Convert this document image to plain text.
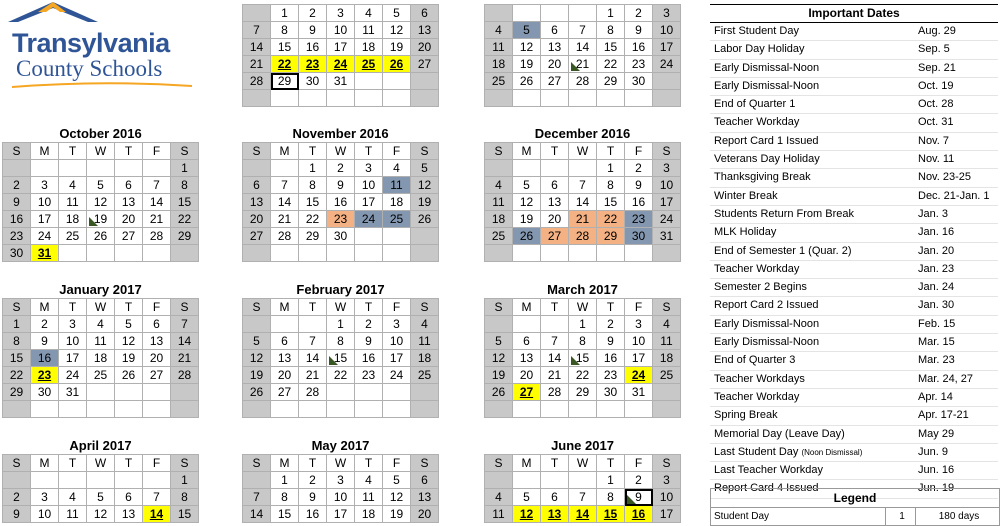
Transylvania
County Schools
	1	2	3	4	5	6
7	8	9	10	11	12	13
14	15	16	17	18	19	20
21	22	23	24	25	26	27
28	29	30	31			

				1	2	3
4	5	6	7	8	9	10
11	12	13	14	15	16	17
18	19	20	21	22	23	24
25	26	27	28	29	30	

October 2016
S	M	T	W	T	F	S
						1
2	3	4	5	6	7	8
9	10	11	12	13	14	15
16	17	18	19	20	21	22
23	24	25	26	27	28	29
30	31					
November 2016
S	M	T	W	T	F	S
		1	2	3	4	5
6	7	8	9	10	11	12
13	14	15	16	17	18	19
20	21	22	23	24	25	26
27	28	29	30			

December 2016
S	M	T	W	T	F	S
				1	2	3
4	5	6	7	8	9	10
11	12	13	14	15	16	17
18	19	20	21	22	23	24
25	26	27	28	29	30	31

January 2017
S	M	T	W	T	F	S
1	2	3	4	5	6	7
8	9	10	11	12	13	14
15	16	17	18	19	20	21
22	23	24	25	26	27	28
29	30	31				

February 2017
S	M	T	W	T	F	S
			1	2	3	4
5	6	7	8	9	10	11
12	13	14	15	16	17	18
19	20	21	22	23	24	25
26	27	28				

March 2017
S	M	T	W	T	F	S
			1	2	3	4
5	6	7	8	9	10	11
12	13	14	15	16	17	18
19	20	21	22	23	24	25
26	27	28	29	30	31	

April 2017
S	M	T	W	T	F	S
						1
2	3	4	5	6	7	8
9	10	11	12	13	14	15
May 2017
S	M	T	W	T	F	S
	1	2	3	4	5	6
7	8	9	10	11	12	13
14	15	16	17	18	19	20
June 2017
S	M	T	W	T	F	S
				1	2	3
4	5	6	7	8	9	10
11	12	13	14	15	16	17
Important Dates
First Student Day	Aug. 29
Labor Day Holiday	Sep. 5
Early Dismissal-Noon	Sep. 21
Early Dismissal-Noon	Oct. 19
End of Quarter 1	Oct. 28
Teacher Workday	Oct. 31
Report Card 1 Issued	Nov. 7
Veterans Day Holiday	Nov. 11
Thanksgiving Break	Nov. 23-25
Winter Break	Dec. 21-Jan. 1
Students Return From Break	Jan. 3
MLK Holiday	Jan. 16
End of Semester 1 (Quar. 2)	Jan. 20
Teacher Workday	Jan. 23
Semester 2 Begins	Jan. 24
Report Card 2 Issued	Jan. 30
Early Dismissal-Noon	Feb. 15
Early Dismissal-Noon	Mar. 15
End of Quarter 3	Mar. 23
Teacher Workdays	Mar. 24, 27
Teacher Workday	Apr. 14
Spring Break	Apr. 17-21
Memorial Day (Leave Day)	May 29
Last Student Day (Noon Dismissal)	Jun. 9
Last Teacher Workday	Jun. 16
Report Card 4 Issued	Jun. 19
Legend
Student Day	1	180 days
